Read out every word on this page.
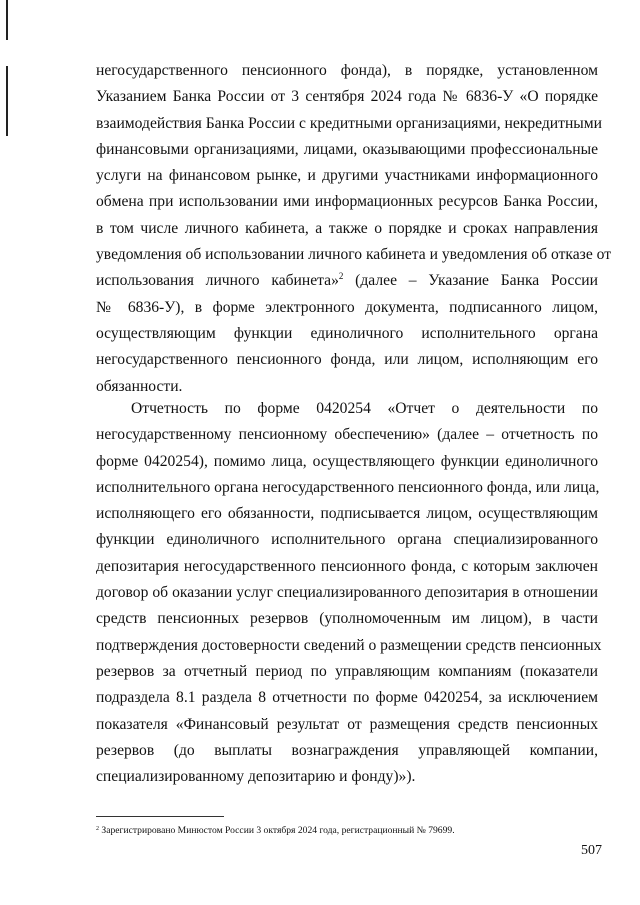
негосударственного пенсионного фонда), в порядке, установленном
Указанием Банка России от 3 сентября 2024 года № 6836-У «О порядке
взаимодействия Банка России с кредитными организациями, некредитными
финансовыми организациями, лицами, оказывающими профессиональные
услуги на финансовом рынке, и другими участниками информационного
обмена при использовании ими информационных ресурсов Банка России,
в том числе личного кабинета, а также о порядке и сроках направления
уведомления об использовании личного кабинета и уведомления об отказе от
использования личного кабинета»$^2$ (далее – Указание Банка России
№ 6836-У), в форме электронного документа, подписанного лицом,
осуществляющим функции единоличного исполнительного органа
негосударственного пенсионного фонда, или лицом, исполняющим его
обязанности.
Отчетность по форме 0420254 «Отчет о деятельности по
негосударственному пенсионному обеспечению» (далее – отчетность по
форме 0420254), помимо лица, осуществляющего функции единоличного
исполнительного органа негосударственного пенсионного фонда, или лица,
исполняющего его обязанности, подписывается лицом, осуществляющим
функции единоличного исполнительного органа специализированного
депозитария негосударственного пенсионного фонда, с которым заключен
договор об оказании услуг специализированного депозитария в отношении
средств пенсионных резервов (уполномоченным им лицом), в части
подтверждения достоверности сведений о размещении средств пенсионных
резервов за отчетный период по управляющим компаниям (показатели
подраздела 8.1 раздела 8 отчетности по форме 0420254, за исключением
показателя «Финансовый результат от размещения средств пенсионных
резервов (до выплаты вознаграждения управляющей компании,
специализированному депозитарию и фонду)»).
$^2$ Зарегистрировано Минюстом России 3 октября 2024 года, регистрационный № 79699.
507
